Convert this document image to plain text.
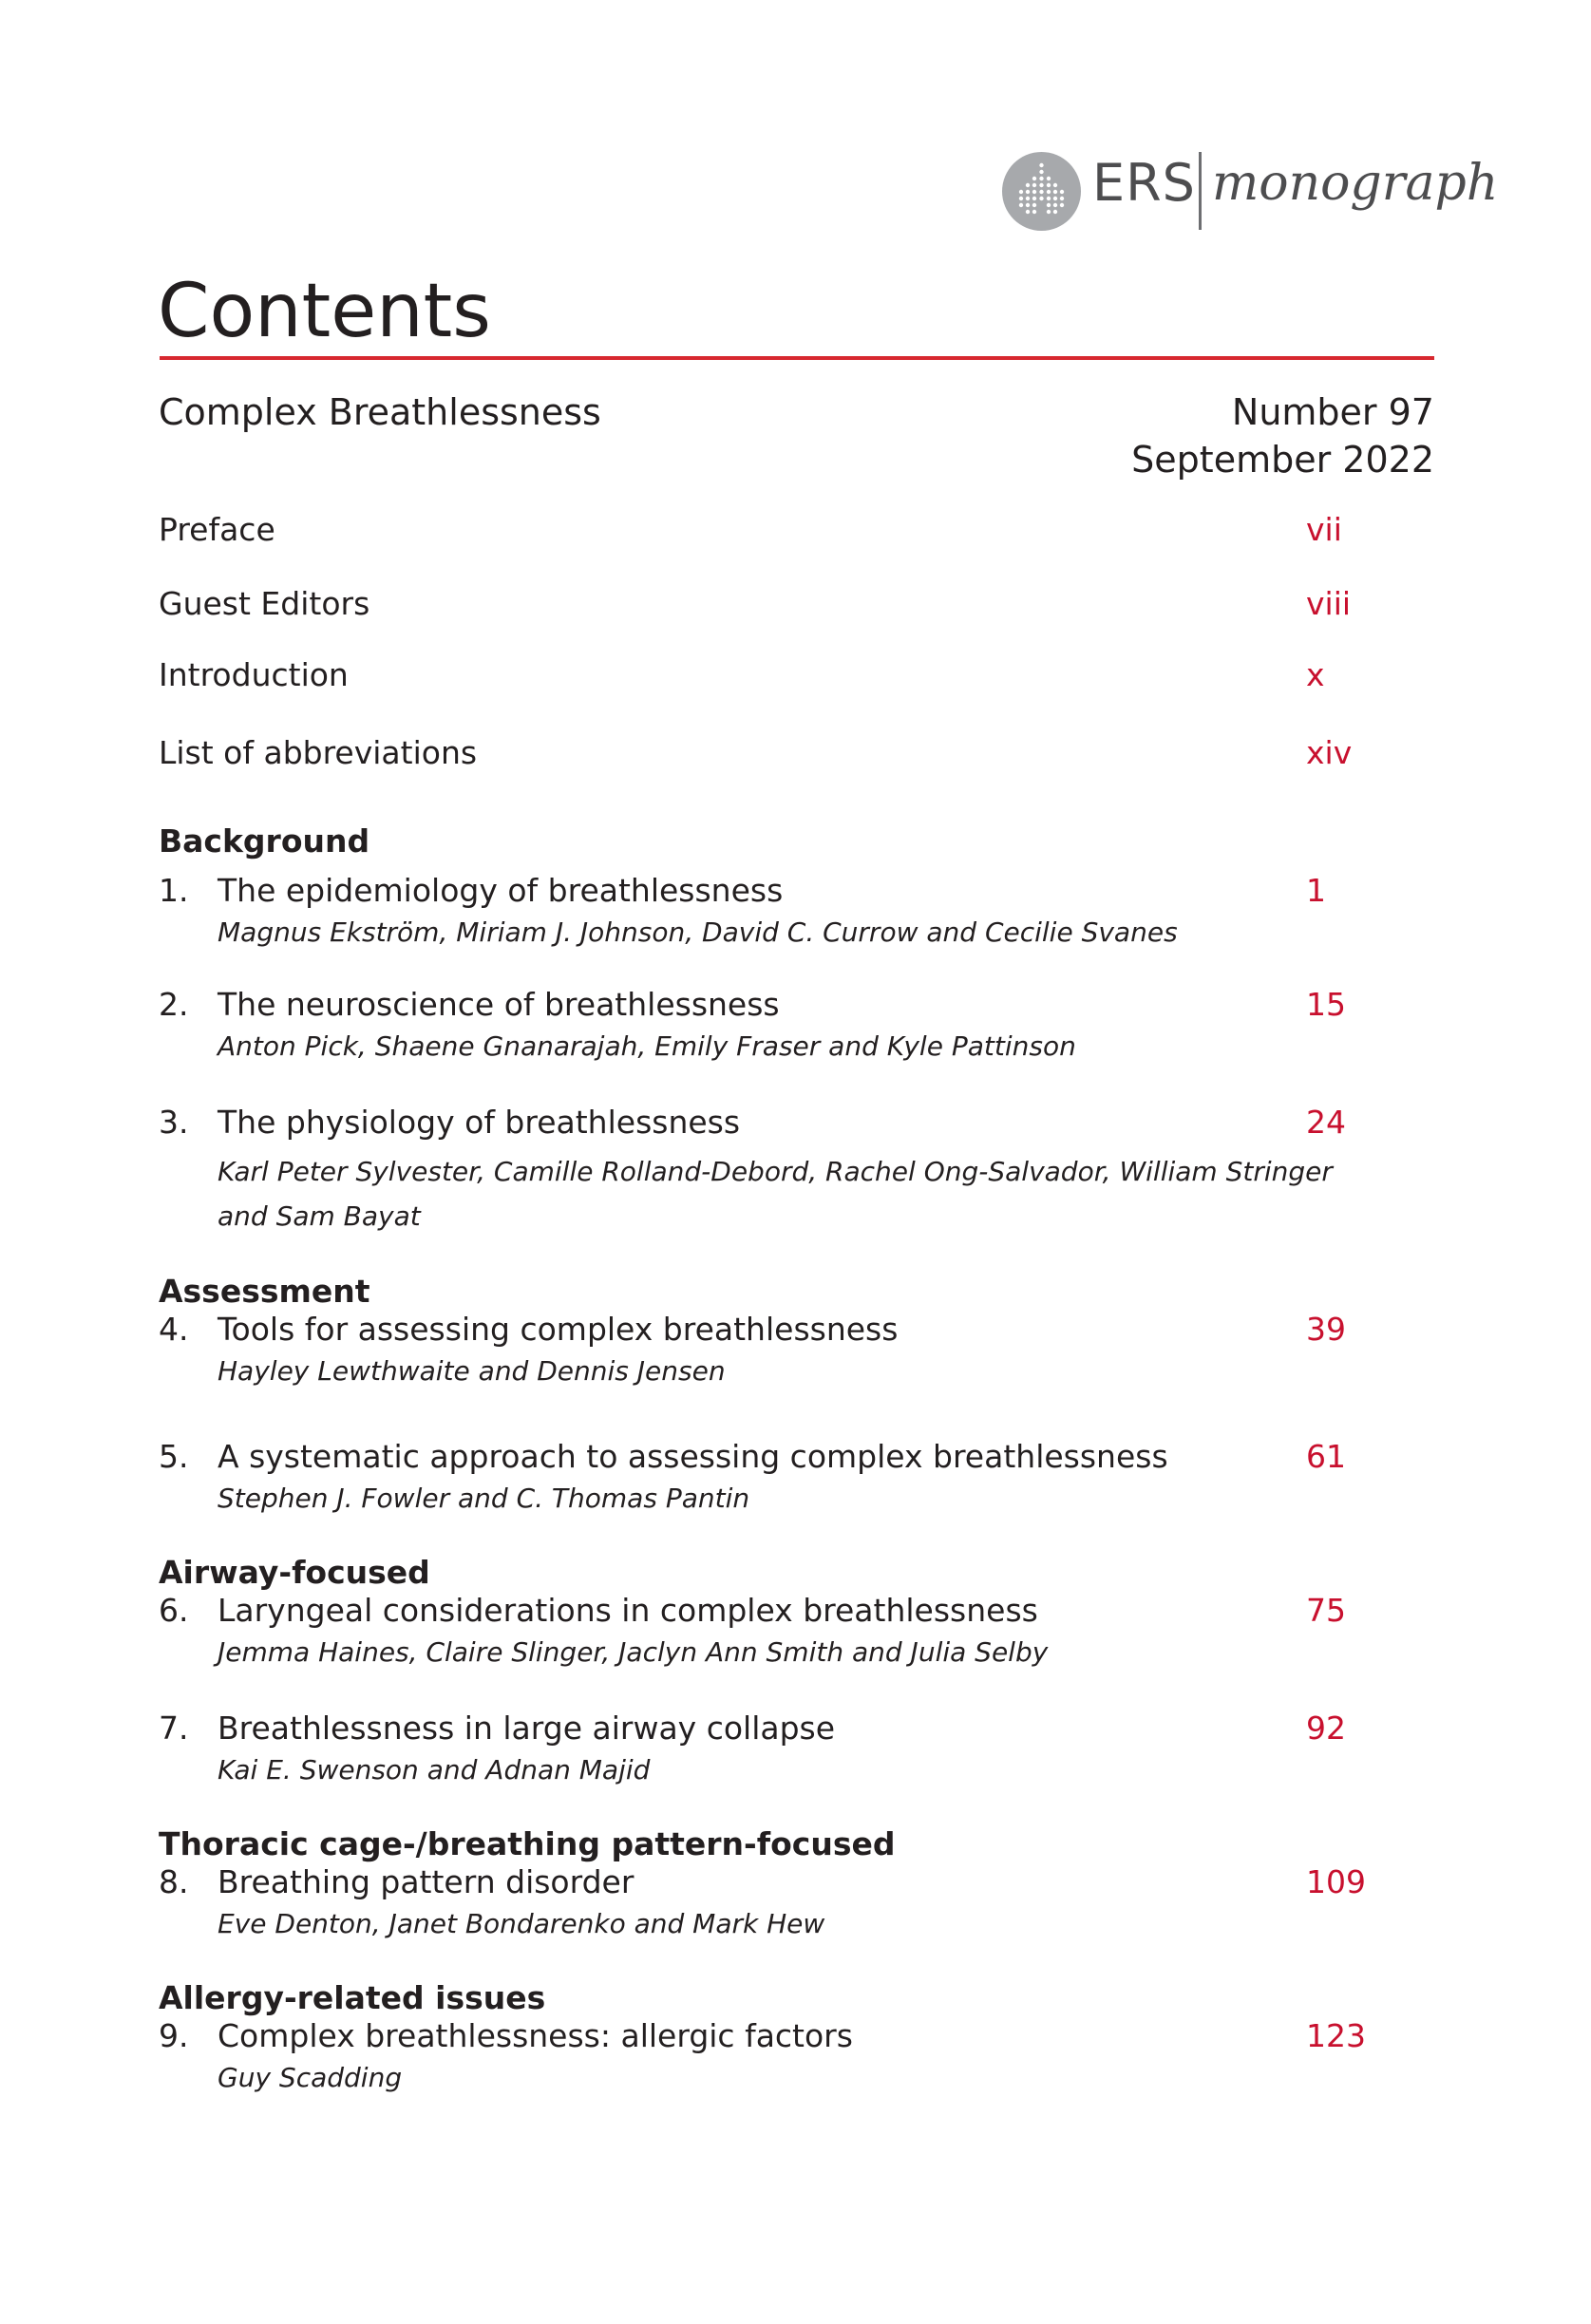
ERS monograph
Contents
Complex Breathlessness	Number 97
September 2022
Preface	vii
Guest Editors	viii
Introduction	x
List of abbreviations	xiv
Background
1. The epidemiology of breathlessness	1
Magnus Ekström, Miriam J. Johnson, David C. Currow and Cecilie Svanes
2. The neuroscience of breathlessness	15
Anton Pick, Shaene Gnanarajah, Emily Fraser and Kyle Pattinson
3. The physiology of breathlessness	24
Karl Peter Sylvester, Camille Rolland-Debord, Rachel Ong-Salvador, William Stringer
and Sam Bayat
Assessment
4. Tools for assessing complex breathlessness	39
Hayley Lewthwaite and Dennis Jensen
5. A systematic approach to assessing complex breathlessness	61
Stephen J. Fowler and C. Thomas Pantin
Airway-focused
6. Laryngeal considerations in complex breathlessness	75
Jemma Haines, Claire Slinger, Jaclyn Ann Smith and Julia Selby
7. Breathlessness in large airway collapse	92
Kai E. Swenson and Adnan Majid
Thoracic cage-/breathing pattern-focused
8. Breathing pattern disorder	109
Eve Denton, Janet Bondarenko and Mark Hew
Allergy-related issues
9. Complex breathlessness: allergic factors	123
Guy Scadding
